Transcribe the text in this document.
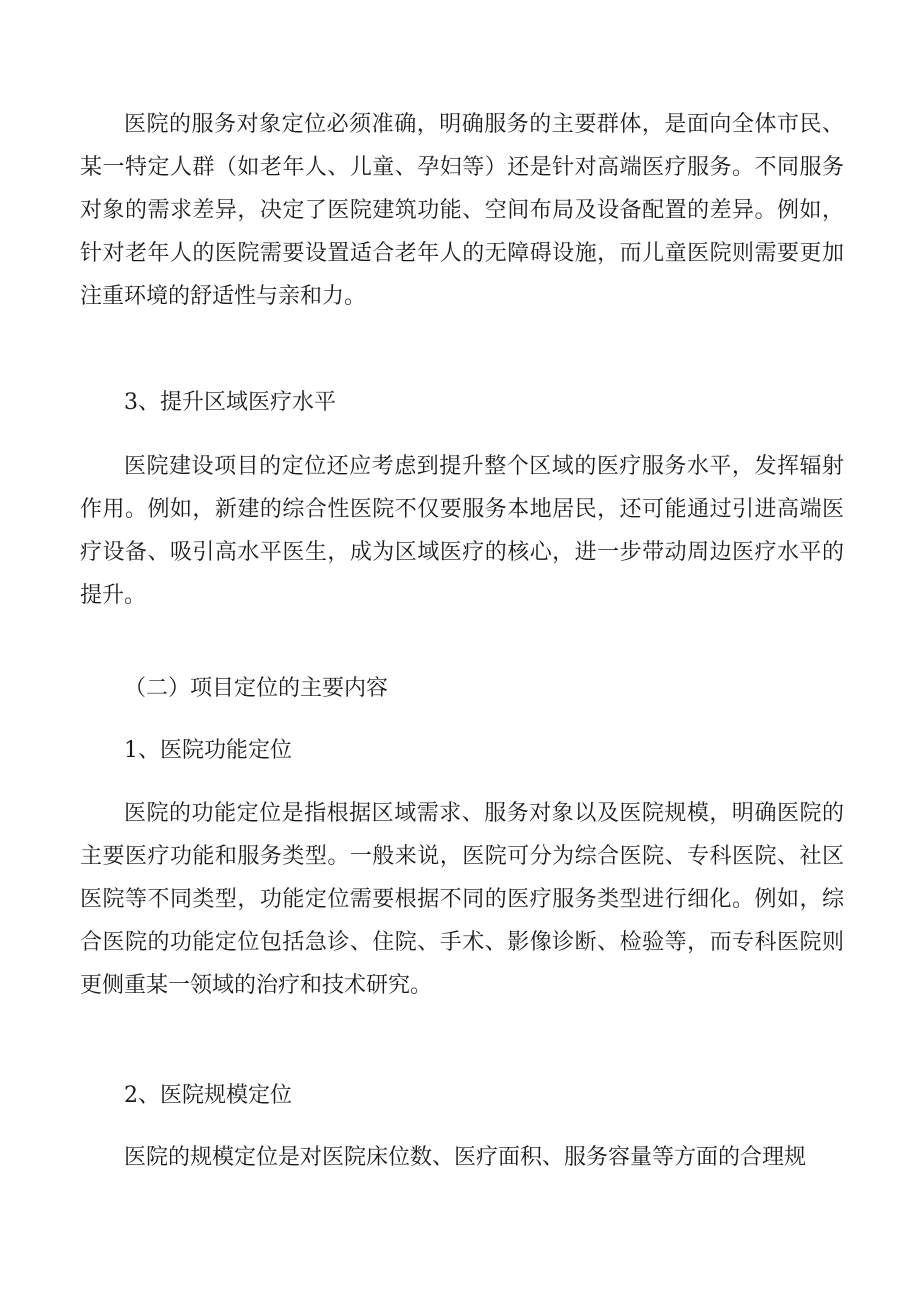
医院的服务对象定位必须准确，明确服务的主要群体，是面向全体市民、某一特定人群（如老年人、儿童、孕妇等）还是针对高端医疗服务。不同服务对象的需求差异，决定了医院建筑功能、空间布局及设备配置的差异。例如，针对老年人的医院需要设置适合老年人的无障碍设施，而儿童医院则需要更加注重环境的舒适性与亲和力。

3、提升区域医疗水平

医院建设项目的定位还应考虑到提升整个区域的医疗服务水平，发挥辐射作用。例如，新建的综合性医院不仅要服务本地居民，还可能通过引进高端医疗设备、吸引高水平医生，成为区域医疗的核心，进一步带动周边医疗水平的提升。

（二）项目定位的主要内容

1、医院功能定位

医院的功能定位是指根据区域需求、服务对象以及医院规模，明确医院的主要医疗功能和服务类型。一般来说，医院可分为综合医院、专科医院、社区医院等不同类型，功能定位需要根据不同的医疗服务类型进行细化。例如，综合医院的功能定位包括急诊、住院、手术、影像诊断、检验等，而专科医院则更侧重某一领域的治疗和技术研究。

2、医院规模定位

医院的规模定位是对医院床位数、医疗面积、服务容量等方面的合理规
